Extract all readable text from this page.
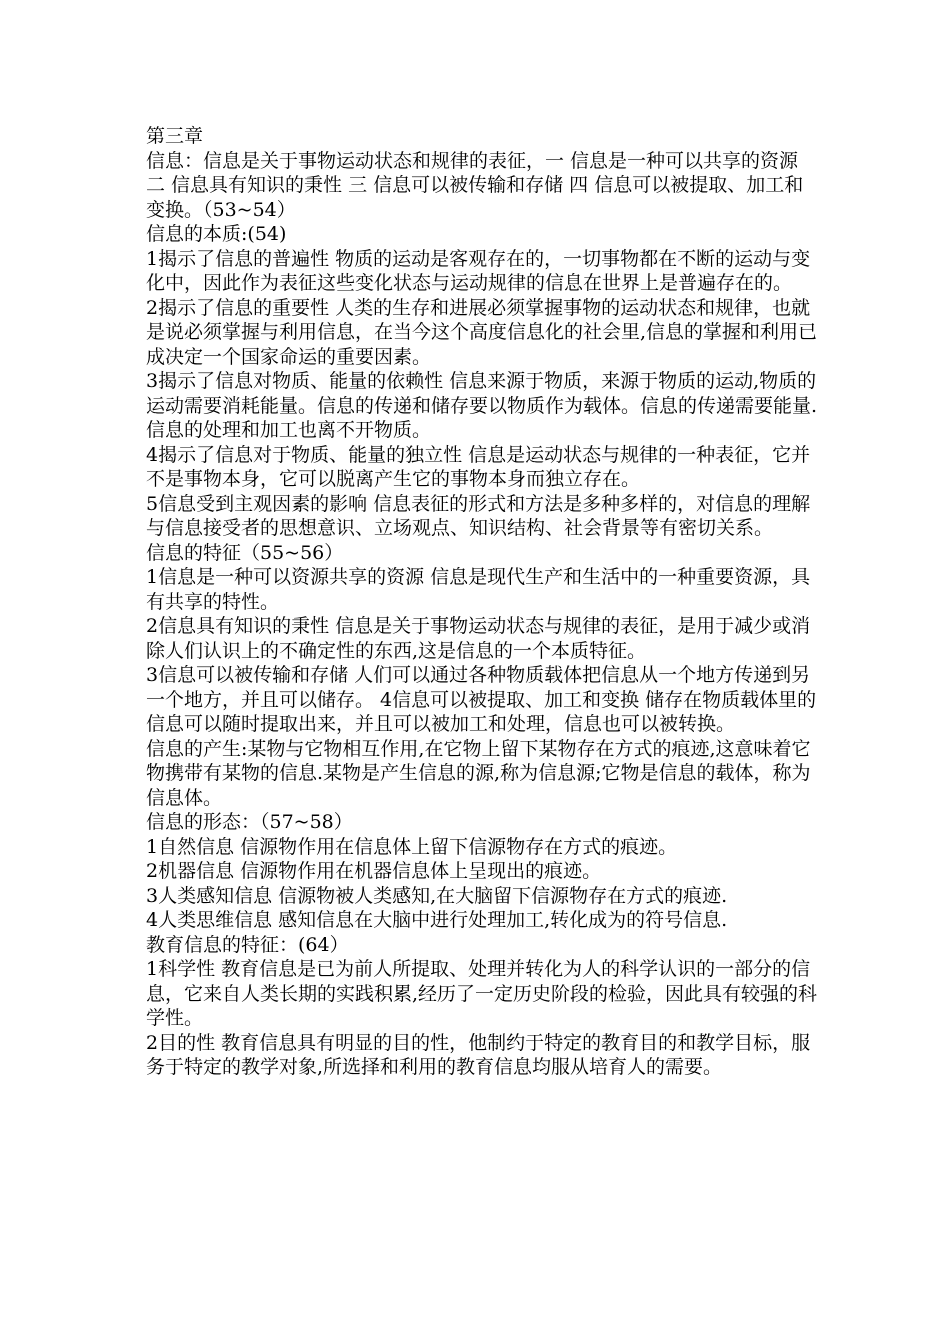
第三章

信息：信息是关于事物运动状态和规律的表征，一 信息是一种可以共享的资源 二 信息具有知识的秉性 三 信息可以被传输和存储 四 信息可以被提取、加工和变换。（53~54）

信息的本质:(54)

1揭示了信息的普遍性 物质的运动是客观存在的，一切事物都在不断的运动与变化中，因此作为表征这些变化状态与运动规律的信息在世界上是普遍存在的。

2揭示了信息的重要性 人类的生存和进展必须掌握事物的运动状态和规律，也就是说必须掌握与利用信息，在当今这个高度信息化的社会里,信息的掌握和利用已成决定一个国家命运的重要因素。

3揭示了信息对物质、能量的依赖性 信息来源于物质，来源于物质的运动,物质的运动需要消耗能量。信息的传递和储存要以物质作为载体。信息的传递需要能量.信息的处理和加工也离不开物质。

4揭示了信息对于物质、能量的独立性 信息是运动状态与规律的一种表征，它并不是事物本身，它可以脱离产生它的事物本身而独立存在。

5信息受到主观因素的影响 信息表征的形式和方法是多种多样的，对信息的理解与信息接受者的思想意识、立场观点、知识结构、社会背景等有密切关系。

信息的特征（55~56）

1信息是一种可以资源共享的资源 信息是现代生产和生活中的一种重要资源，具有共享的特性。

2信息具有知识的秉性 信息是关于事物运动状态与规律的表征，是用于减少或消除人们认识上的不确定性的东西,这是信息的一个本质特征。

3信息可以被传输和存储 人们可以通过各种物质载体把信息从一个地方传递到另一个地方，并且可以储存。 4信息可以被提取、加工和变换 储存在物质载体里的信息可以随时提取出来，并且可以被加工和处理，信息也可以被转换。

信息的产生:某物与它物相互作用,在它物上留下某物存在方式的痕迹,这意味着它物携带有某物的信息.某物是产生信息的源,称为信息源;它物是信息的载体，称为信息体。

信息的形态：（57~58）

1自然信息 信源物作用在信息体上留下信源物存在方式的痕迹。

2机器信息 信源物作用在机器信息体上呈现出的痕迹。

3人类感知信息 信源物被人类感知,在大脑留下信源物存在方式的痕迹.

4人类思维信息 感知信息在大脑中进行处理加工,转化成为的符号信息.

教育信息的特征：(64）

1科学性 教育信息是已为前人所提取、处理并转化为人的科学认识的一部分的信息，它来自人类长期的实践积累,经历了一定历史阶段的检验，因此具有较强的科学性。

2目的性 教育信息具有明显的目的性，他制约于特定的教育目的和教学目标，服务于特定的教学对象,所选择和利用的教育信息均服从培育人的需要。
